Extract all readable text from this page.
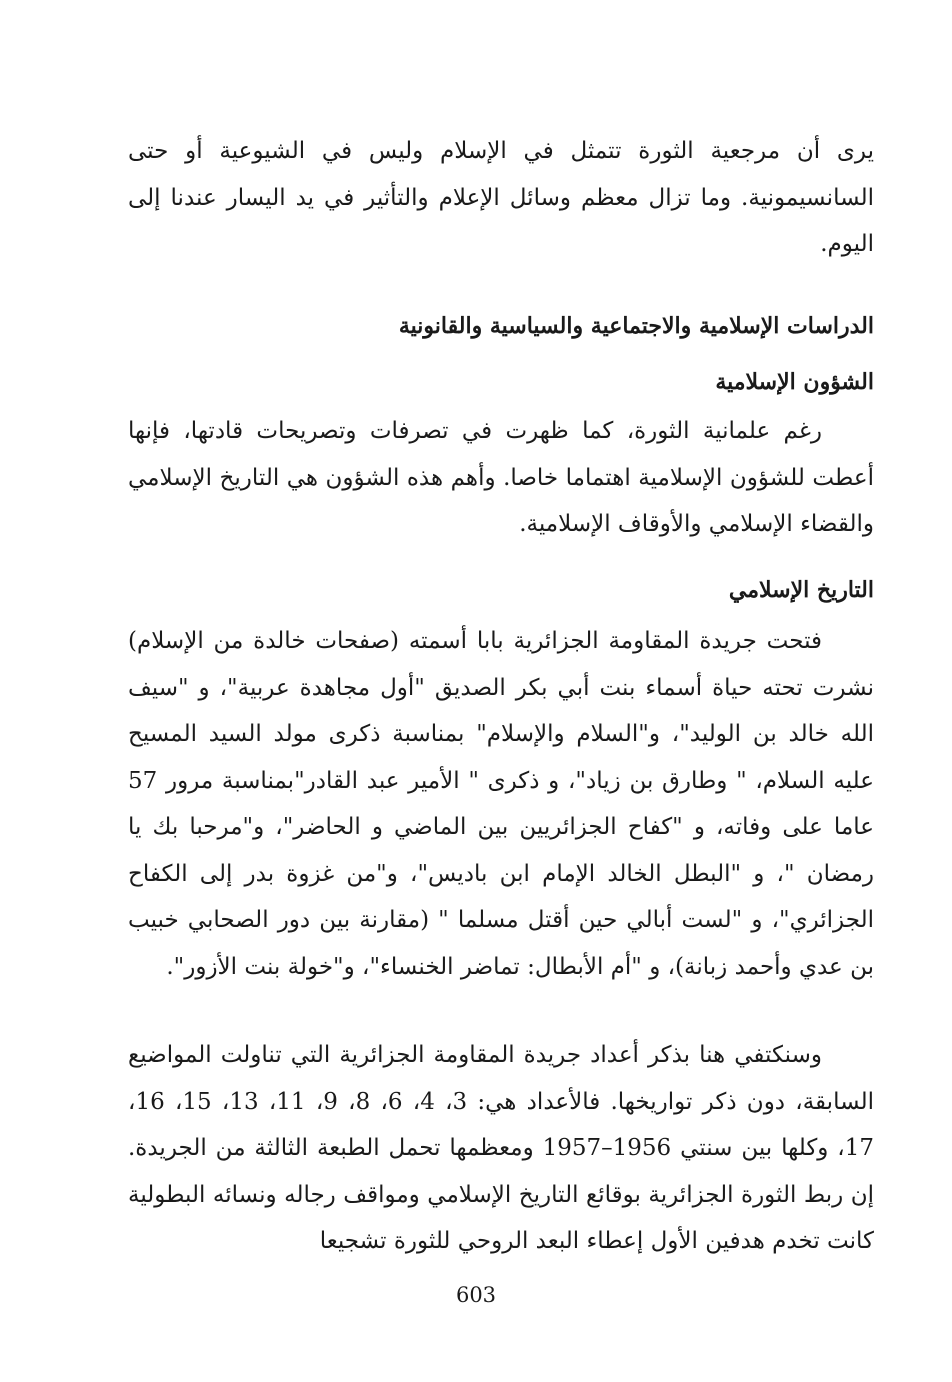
يرى أن مرجعية الثورة تتمثل في الإسلام وليس في الشيوعية أو حتى السانسيمونية. وما تزال معظم وسائل الإعلام والتأثير في يد اليسار عندنا إلى اليوم.

الدراسات الإسلامية والاجتماعية والسياسية والقانونية
الشؤون الإسلامية

رغم علمانية الثورة، كما ظهرت في تصرفات وتصريحات قادتها، فإنها أعطت للشؤون الإسلامية اهتماما خاصا. وأهم هذه الشؤون هي التاريخ الإسلامي والقضاء الإسلامي والأوقاف الإسلامية.

التاريخ الإسلامي

فتحت جريدة المقاومة الجزائرية بابا أسمته (صفحات خالدة من الإسلام) نشرت تحته حياة أسماء بنت أبي بكر الصديق "أول مجاهدة عربية"، و "سيف الله خالد بن الوليد"، و"السلام والإسلام" بمناسبة ذكرى مولد السيد المسيح عليه السلام، " وطارق بن زياد"، و ذكرى " الأمير عبد القادر"بمناسبة مرور 57 عاما على وفاته، و "كفاح الجزائريين بين الماضي و الحاضر"، و"مرحبا بك يا رمضان "، و "البطل الخالد الإمام ابن باديس"، و"من غزوة بدر إلى الكفاح الجزائري"، و "لست أبالي حين أقتل مسلما " (مقارنة بين دور الصحابي خبيب بن عدي وأحمد زبانة)، و "أم الأبطال: تماضر الخنساء"، و"خولة بنت الأزور".

وسنكتفي هنا بذكر أعداد جريدة المقاومة الجزائرية التي تناولت المواضيع السابقة، دون ذكر تواريخها. فالأعداد هي: 3، 4، 6، 8، 9، 11، 13، 15، 16، 17، وكلها بين سنتي 1956–1957 ومعظمها تحمل الطبعة الثالثة من الجريدة. إن ربط الثورة الجزائرية بوقائع التاريخ الإسلامي ومواقف رجاله ونسائه البطولية كانت تخدم هدفين الأول إعطاء البعد الروحي للثورة تشجيعا

603
